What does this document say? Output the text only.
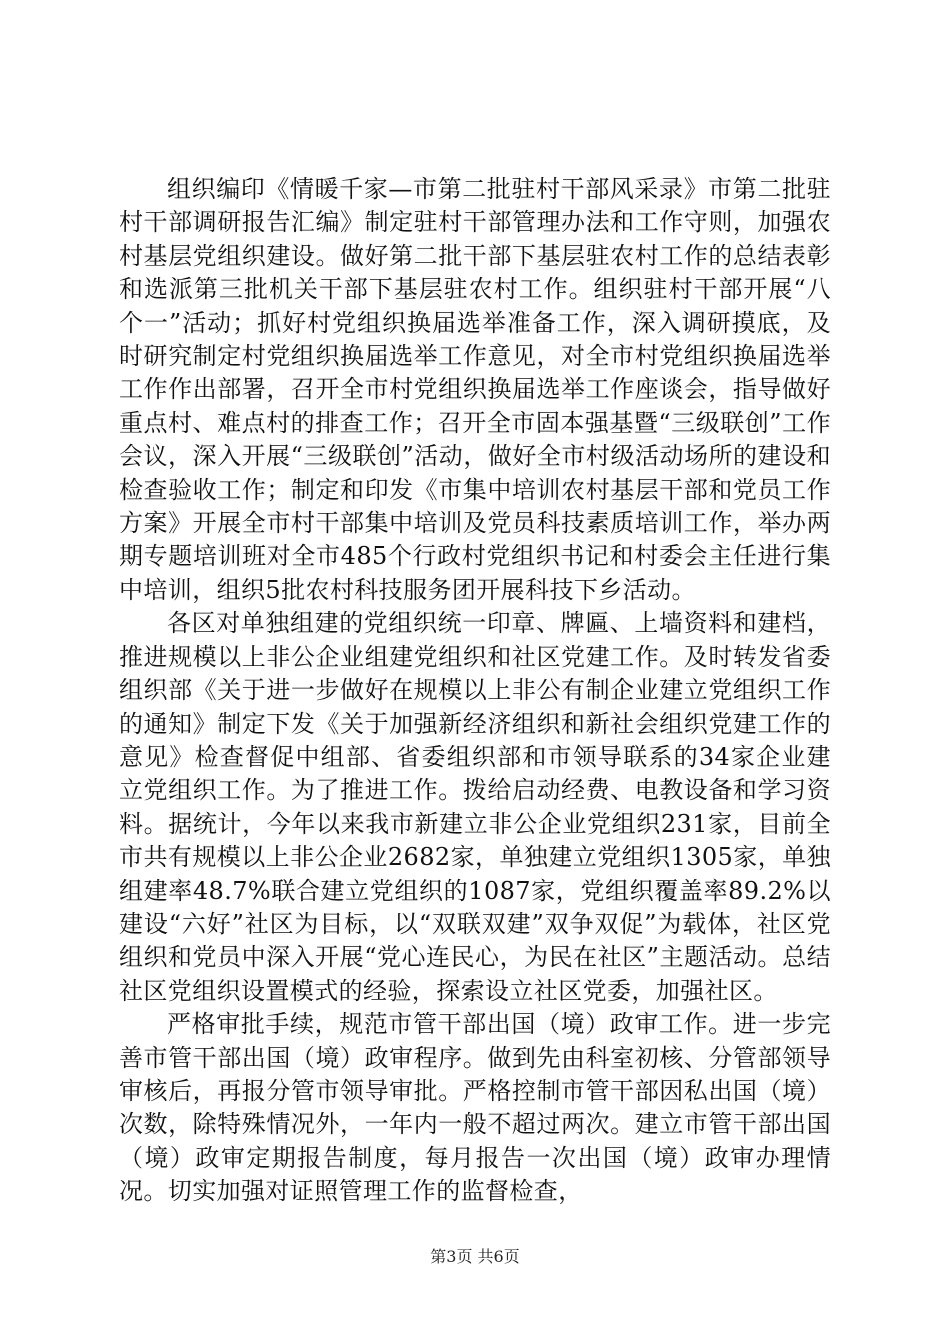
组织编印《情暖千家—市第二批驻村干部风采录》市第二批驻村干部调研报告汇编》制定驻村干部管理办法和工作守则，加强农村基层党组织建设。做好第二批干部下基层驻农村工作的总结表彰和选派第三批机关干部下基层驻农村工作。组织驻村干部开展“八个一”活动；抓好村党组织换届选举准备工作，深入调研摸底，及时研究制定村党组织换届选举工作意见，对全市村党组织换届选举工作作出部署，召开全市村党组织换届选举工作座谈会，指导做好重点村、难点村的排查工作；召开全市固本强基暨“三级联创”工作会议，深入开展“三级联创”活动，做好全市村级活动场所的建设和检查验收工作；制定和印发《市集中培训农村基层干部和党员工作方案》开展全市村干部集中培训及党员科技素质培训工作，举办两期专题培训班对全市485个行政村党组织书记和村委会主任进行集中培训，组织5批农村科技服务团开展科技下乡活动。

各区对单独组建的党组织统一印章、牌匾、上墙资料和建档，推进规模以上非公企业组建党组织和社区党建工作。及时转发省委组织部《关于进一步做好在规模以上非公有制企业建立党组织工作的通知》制定下发《关于加强新经济组织和新社会组织党建工作的意见》检查督促中组部、省委组织部和市领导联系的34家企业建立党组织工作。为了推进工作。拨给启动经费、电教设备和学习资料。据统计，今年以来我市新建立非公企业党组织231家，目前全市共有规模以上非公企业2682家，单独建立党组织1305家，单独组建率48.7%联合建立党组织的1087家，党组织覆盖率89.2%以建设“六好”社区为目标，以“双联双建”双争双促”为载体，社区党组织和党员中深入开展“党心连民心，为民在社区”主题活动。总结社区党组织设置模式的经验，探索设立社区党委，加强社区。

严格审批手续，规范市管干部出国（境）政审工作。进一步完善市管干部出国（境）政审程序。做到先由科室初核、分管部领导审核后，再报分管市领导审批。严格控制市管干部因私出国（境）次数，除特殊情况外，一年内一般不超过两次。建立市管干部出国（境）政审定期报告制度，每月报告一次出国（境）政审办理情况。切实加强对证照管理工作的监督检查，

第3页 共6页
